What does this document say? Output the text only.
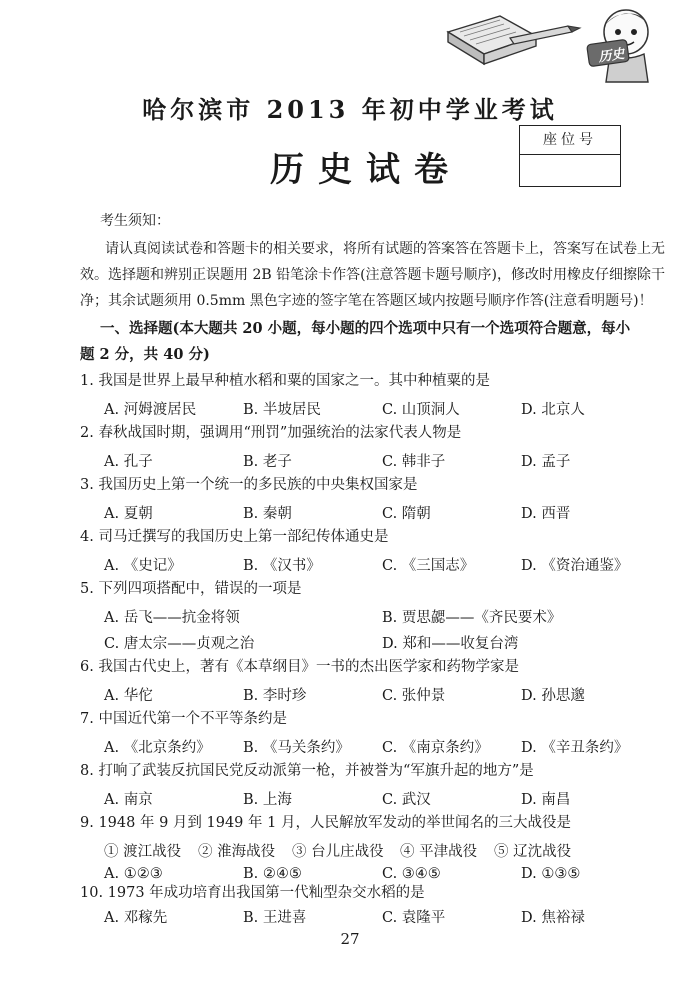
历史
哈尔滨市 2013 年初中学业考试
历史试卷
座位号
考生须知：
请认真阅读试卷和答题卡的相关要求，将所有试题的答案答在答题卡上，答案写在试卷上无
效。选择题和辨别正误题用 2B 铅笔涂卡作答(注意答题卡题号顺序)，修改时用橡皮仔细擦除干
净；其余试题须用 0.5mm 黑色字迹的签字笔在答题区域内按题号顺序作答(注意看明题号)！
一、选择题(本大题共 20 小题，每小题的四个选项中只有一个选项符合题意，每小
题 2 分，共 40 分)
1. 我国是世界上最早种植水稻和粟的国家之一。其中种植粟的是
A. 河姆渡居民	B. 半坡居民	C. 山顶洞人	D. 北京人
2. 春秋战国时期，强调用“刑罚”加强统治的法家代表人物是
A. 孔子	B. 老子	C. 韩非子	D. 孟子
3. 我国历史上第一个统一的多民族的中央集权国家是
A. 夏朝	B. 秦朝	C. 隋朝	D. 西晋
4. 司马迁撰写的我国历史上第一部纪传体通史是
A. 《史记》	B. 《汉书》	C. 《三国志》	D. 《资治通鉴》
5. 下列四项搭配中，错误的一项是
A. 岳飞——抗金将领	B. 贾思勰——《齐民要术》
C. 唐太宗——贞观之治	D. 郑和——收复台湾
6. 我国古代史上，著有《本草纲目》一书的杰出医学家和药物学家是
A. 华佗	B. 李时珍	C. 张仲景	D. 孙思邈
7. 中国近代第一个不平等条约是
A. 《北京条约》 B. 《马关条约》 C. 《南京条约》 D. 《辛丑条约》
8. 打响了武装反抗国民党反动派第一枪，并被誉为“军旗升起的地方”是
A. 南京	B. 上海	C. 武汉	D. 南昌
9. 1948 年 9 月到 1949 年 1 月，人民解放军发动的举世闻名的三大战役是
① 渡江战役 ② 淮海战役 ③ 台儿庄战役 ④ 平津战役 ⑤ 辽沈战役
A. ①②③	B. ②④⑤	C. ③④⑤	D. ①③⑤
10. 1973 年成功培育出我国第一代籼型杂交水稻的是
A. 邓稼先	B. 王进喜	C. 袁隆平	D. 焦裕禄
27
